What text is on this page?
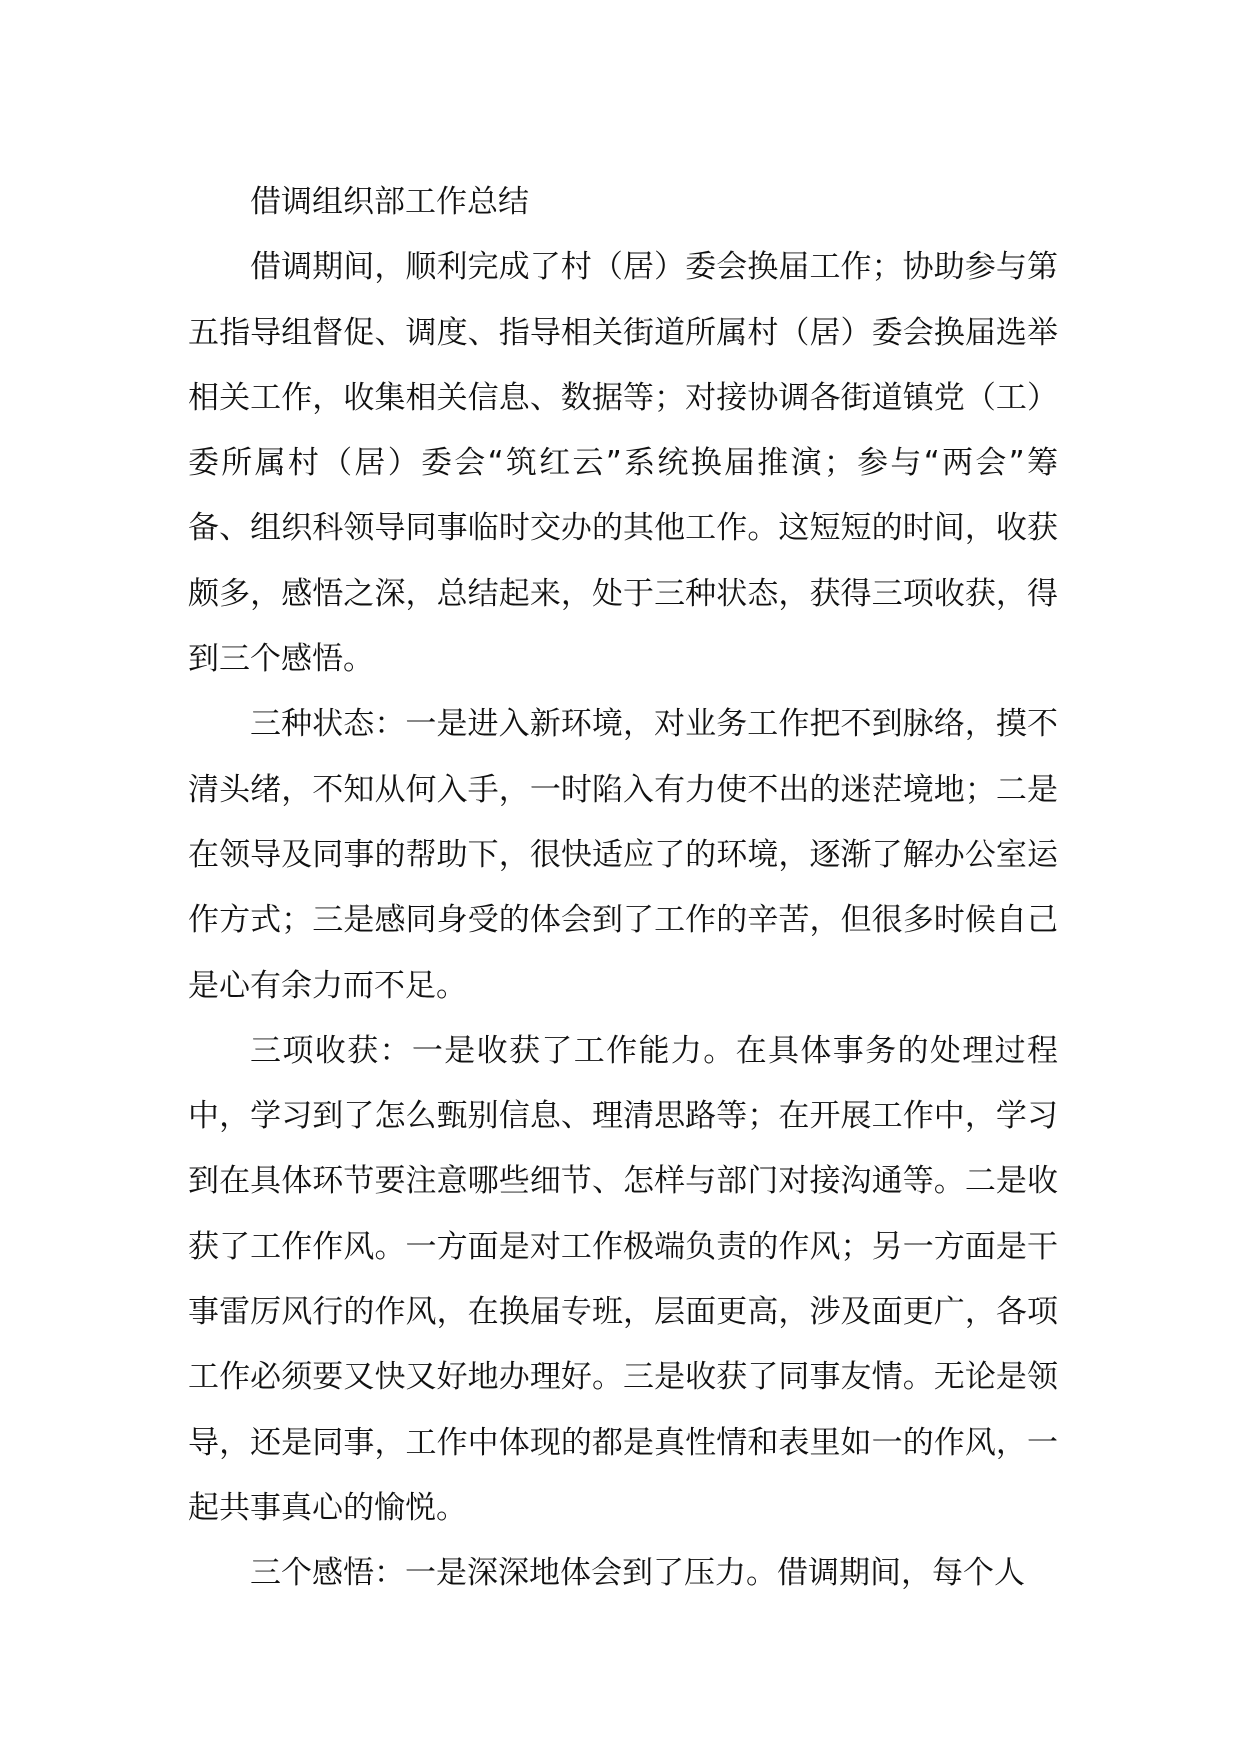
借调组织部工作总结

借调期间，顺利完成了村（居）委会换届工作；协助参与第五指导组督促、调度、指导相关街道所属村（居）委会换届选举相关工作，收集相关信息、数据等；对接协调各街道镇党（工）委所属村（居）委会“筑红云”系统换届推演；参与“两会”筹备、组织科领导同事临时交办的其他工作。这短短的时间，收获颇多，感悟之深，总结起来，处于三种状态，获得三项收获，得到三个感悟。

三种状态：一是进入新环境，对业务工作把不到脉络，摸不清头绪，不知从何入手，一时陷入有力使不出的迷茫境地；二是在领导及同事的帮助下，很快适应了的环境，逐渐了解办公室运作方式；三是感同身受的体会到了工作的辛苦，但很多时候自己是心有余力而不足。

三项收获：一是收获了工作能力。在具体事务的处理过程中，学习到了怎么甄别信息、理清思路等；在开展工作中，学习到在具体环节要注意哪些细节、怎样与部门对接沟通等。二是收获了工作作风。一方面是对工作极端负责的作风；另一方面是干事雷厉风行的作风，在换届专班，层面更高，涉及面更广，各项工作必须要又快又好地办理好。三是收获了同事友情。无论是领导，还是同事，工作中体现的都是真性情和表里如一的作风，一起共事真心的愉悦。

三个感悟：一是深深地体会到了压力。借调期间，每个人
